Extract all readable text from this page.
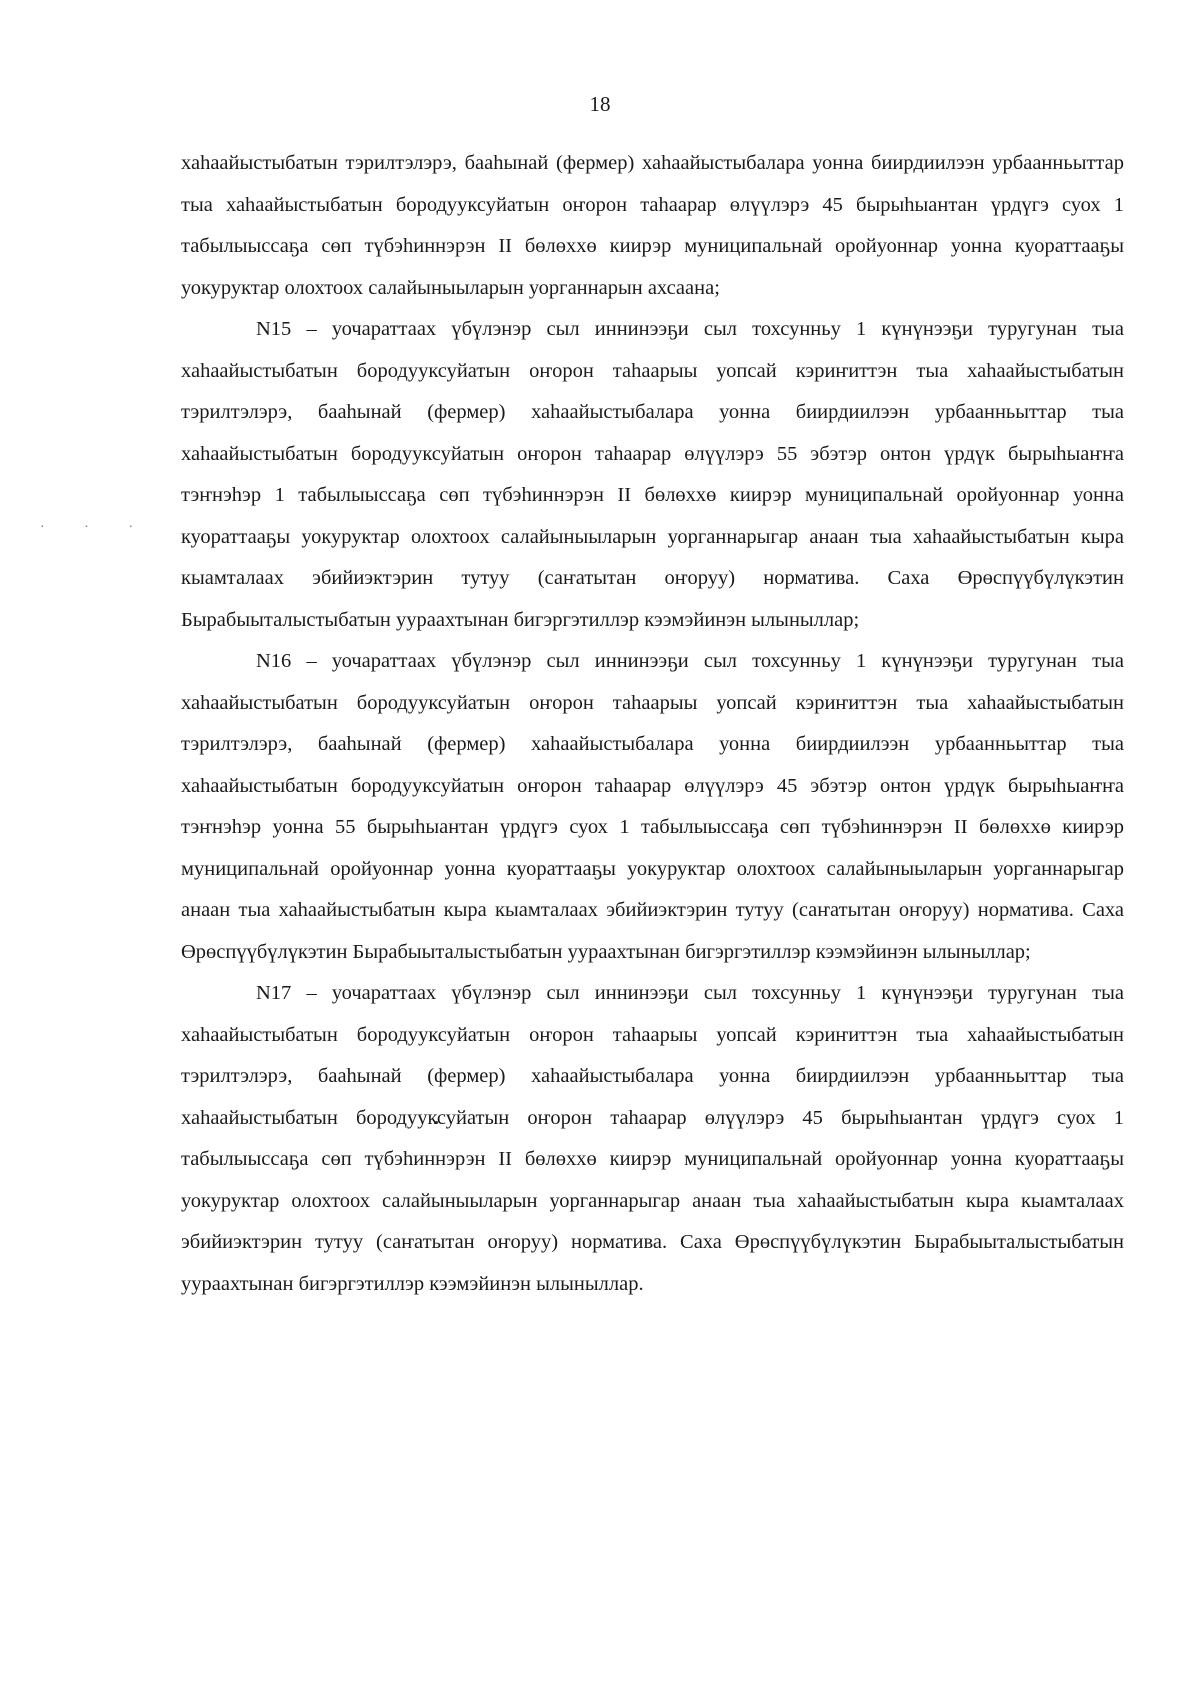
18
· · ·

хаһаайыстыбатын тэрилтэлэрэ, бааһынай (фермер) хаһаайыстыбалара уонна биирдиилээн урбаанньыттар тыа хаһаайыстыбатын бородууксуйатын оҥорон таһаарар өлүүлэрэ 45 бырыһыантан үрдүгэ суох 1 табылыыссаҕа сөп түбэһиннэрэн II бөлөххө киирэр муниципальнай оройуоннар уонна куораттааҕы уокуруктар олохтоох салайыныыларын уорганнарын ахсаана;

N15 – уочараттаах үбүлэнэр сыл иннинээҕи сыл тохсунньу 1 күнүнээҕи туругунан тыа хаһаайыстыбатын бородууксуйатын оҥорон таһаарыы уопсай кэриҥиттэн тыа хаһаайыстыбатын тэрилтэлэрэ, бааһынай (фермер) хаһаайыстыбалара уонна биирдиилээн урбаанньыттар тыа хаһаайыстыбатын бородууксуйатын оҥорон таһаарар өлүүлэрэ 55 эбэтэр онтон үрдүк бырыһыаҥҥа тэҥнэһэр 1 табылыыссаҕа сөп түбэһиннэрэн II бөлөххө киирэр муниципальнай оройуоннар уонна куораттааҕы уокуруктар олохтоох салайыныыларын уорганнарыгар анаан тыа хаһаайыстыбатын кыра кыамталаах эбийиэктэрин тутуу (саҥатытан оҥоруу) норматива. Саха Өрөспүүбүлүкэтин Бырабыыталыстыбатын уураахтынан бигэргэтиллэр кээмэйинэн ылыныллар;

N16 – уочараттаах үбүлэнэр сыл иннинээҕи сыл тохсунньу 1 күнүнээҕи туругунан тыа хаһаайыстыбатын бородууксуйатын оҥорон таһаарыы уопсай кэриҥиттэн тыа хаһаайыстыбатын тэрилтэлэрэ, бааһынай (фермер) хаһаайыстыбалара уонна биирдиилээн урбаанньыттар тыа хаһаайыстыбатын бородууксуйатын оҥорон таһаарар өлүүлэрэ 45 эбэтэр онтон үрдүк бырыһыаҥҥа тэҥнэһэр уонна 55 бырыһыантан үрдүгэ суох 1 табылыыссаҕа сөп түбэһиннэрэн II бөлөххө киирэр муниципальнай оройуоннар уонна куораттааҕы уокуруктар олохтоох салайыныыларын уорганнарыгар анаан тыа хаһаайыстыбатын кыра кыамталаах эбийиэктэрин тутуу (саҥатытан оҥоруу) норматива. Саха Өрөспүүбүлүкэтин Бырабыыталыстыбатын уураахтынан бигэргэтиллэр кээмэйинэн ылыныллар;

N17 – уочараттаах үбүлэнэр сыл иннинээҕи сыл тохсунньу 1 күнүнээҕи туругунан тыа хаһаайыстыбатын бородууксуйатын оҥорон таһаарыы уопсай кэриҥиттэн тыа хаһаайыстыбатын тэрилтэлэрэ, бааһынай (фермер) хаһаайыстыбалара уонна биирдиилээн урбаанньыттар тыа хаһаайыстыбатын бородууксуйатын оҥорон таһаарар өлүүлэрэ 45 бырыһыантан үрдүгэ суох 1 табылыыссаҕа сөп түбэһиннэрэн II бөлөххө киирэр муниципальнай оройуоннар уонна куораттааҕы уокуруктар олохтоох салайыныыларын уорганнарыгар анаан тыа хаһаайыстыбатын кыра кыамталаах эбийиэктэрин тутуу (саҥатытан оҥоруу) норматива. Саха Өрөспүүбүлүкэтин Бырабыыталыстыбатын уураахтынан бигэргэтиллэр кээмэйинэн ылыныллар.
